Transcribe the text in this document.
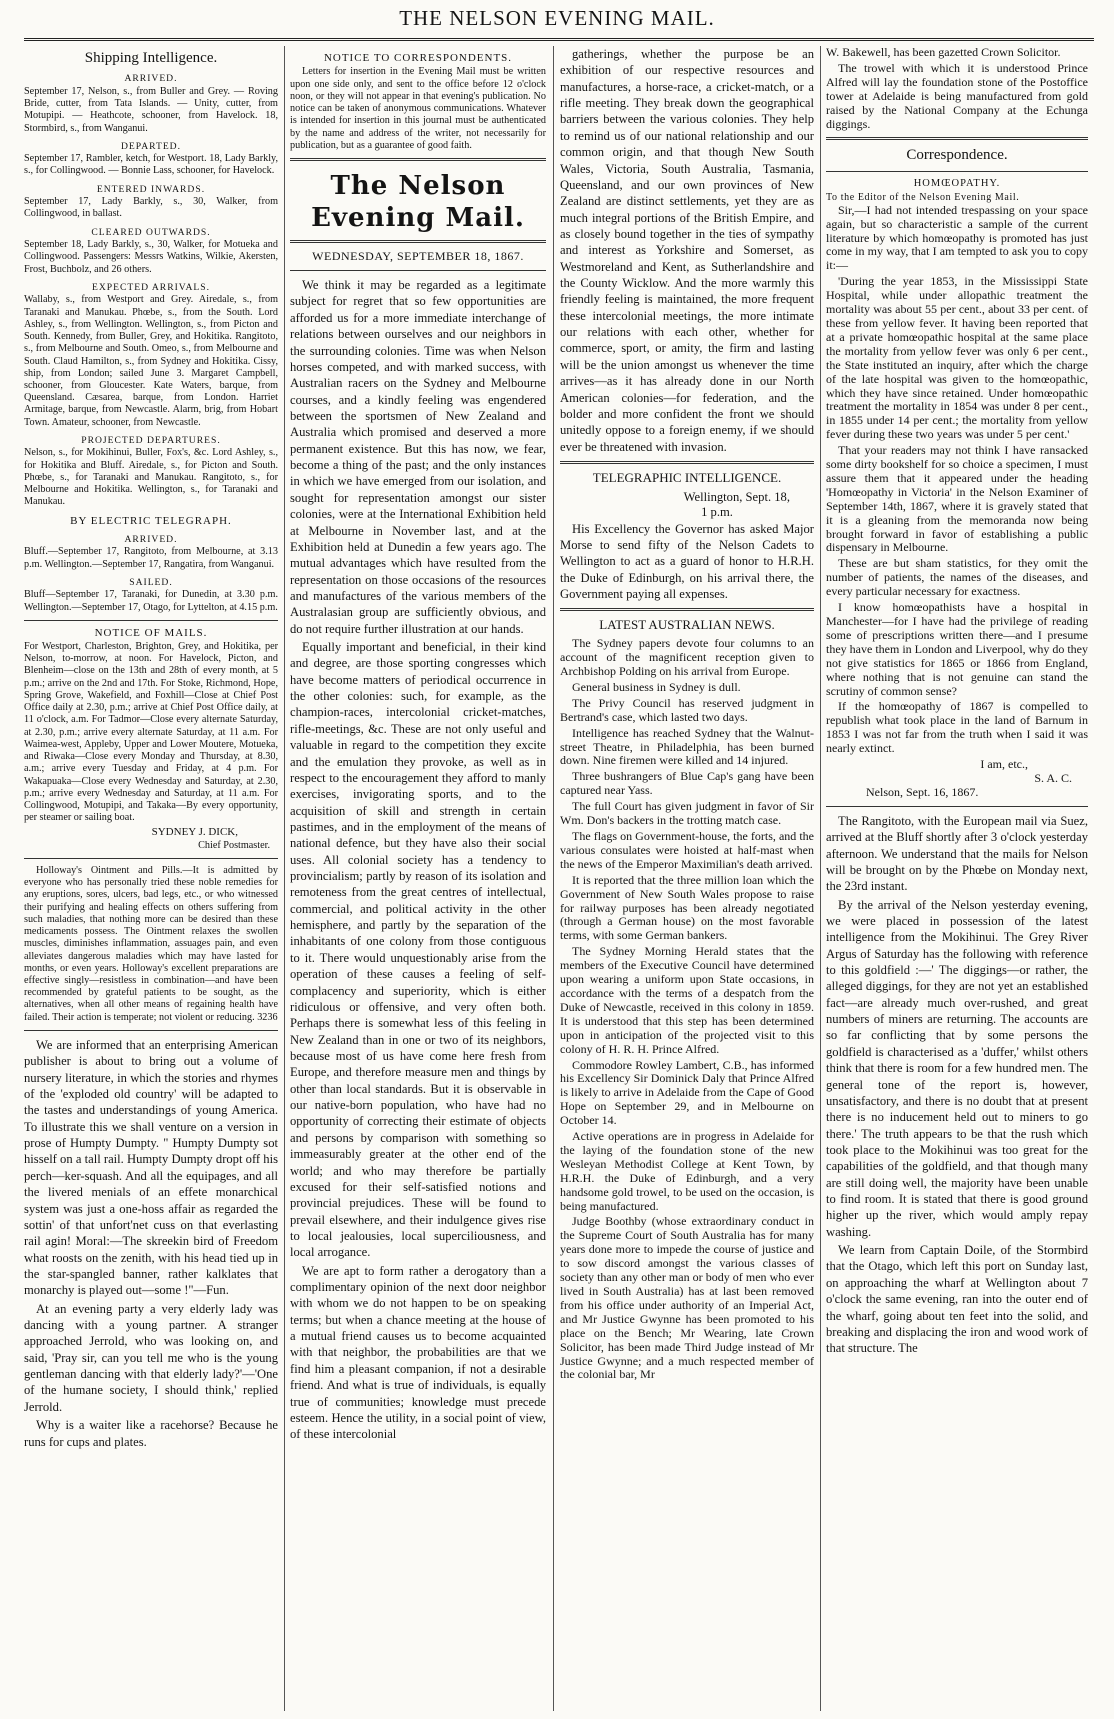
THE NELSON EVENING MAIL.
Shipping Intelligence.
ARRIVED.

September 17, Nelson, s., from Buller and Grey. — Roving Bride, cutter, from Tata Islands. — Unity, cutter, from Motupipi. — Heathcote, schooner, from Havelock. 18, Stormbird, s., from Wanganui.

DEPARTED.

September 17, Rambler, ketch, for Westport. 18, Lady Barkly, s., for Collingwood. — Bonnie Lass, schooner, for Havelock.

ENTERED INWARDS.

September 17, Lady Barkly, s., 30, Walker, from Collingwood, in ballast.

CLEARED OUTWARDS.

September 18, Lady Barkly, s., 30, Walker, for Motueka and Collingwood. Passengers: Messrs Watkins, Wilkie, Akersten, Frost, Buchbolz, and 26 others.

EXPECTED ARRIVALS.

Wallaby, s., from Westport and Grey. Airedale, s., from Taranaki and Manukau. Phœbe, s., from the South. Lord Ashley, s., from Wellington. Wellington, s., from Picton and South. Kennedy, from Buller, Grey, and Hokitika. Rangitoto, s., from Melbourne and South. Omeo, s., from Melbourne and South. Claud Hamilton, s., from Sydney and Hokitika. Cissy, ship, from London; sailed June 3. Margaret Campbell, schooner, from Gloucester. Kate Waters, barque, from Queensland. Cæsarea, barque, from London. Harriet Armitage, barque, from Newcastle. Alarm, brig, from Hobart Town. Amateur, schooner, from Newcastle.

PROJECTED DEPARTURES.

Nelson, s., for Mokihinui, Buller, Fox's, &c. Lord Ashley, s., for Hokitika and Bluff. Airedale, s., for Picton and South. Phœbe, s., for Taranaki and Manukau. Rangitoto, s., for Melbourne and Hokitika. Wellington, s., for Taranaki and Manukau.

BY ELECTRIC TELEGRAPH.
ARRIVED.

Bluff.—September 17, Rangitoto, from Melbourne, at 3.13 p.m. Wellington.—September 17, Rangatira, from Wanganui.

SAILED.

Bluff—September 17, Taranaki, for Dunedin, at 3.30 p.m. Wellington.—September 17, Otago, for Lyttelton, at 4.15 p.m.

NOTICE OF MAILS.

For Westport, Charleston, Brighton, Grey, and Hokitika, per Nelson, to-morrow, at noon. For Havelock, Picton, and Blenheim—close on the 13th and 28th of every month, at 5 p.m.; arrive on the 2nd and 17th. For Stoke, Richmond, Hope, Spring Grove, Wakefield, and Foxhill—Close at Chief Post Office daily at 2.30, p.m.; arrive at Chief Post Office daily, at 11 o'clock, a.m. For Tadmor—Close every alternate Saturday, at 2.30, p.m.; arrive every alternate Saturday, at 11 a.m. For Waimea-west, Appleby, Upper and Lower Moutere, Motueka, and Riwaka—Close every Monday and Thursday, at 8.30, a.m.; arrive every Tuesday and Friday, at 4 p.m. For Wakapuaka—Close every Wednesday and Saturday, at 2.30, p.m.; arrive every Wednesday and Saturday, at 11 a.m. For Collingwood, Motupipi, and Takaka—By every opportunity, per steamer or sailing boat.

SYDNEY J. DICK,
Chief Postmaster.

Holloway's Ointment and Pills.—It is admitted by everyone who has personally tried these noble remedies for any eruptions, sores, ulcers, bad legs, etc., or who witnessed their purifying and healing effects on others suffering from such maladies, that nothing more can be desired than these medicaments possess. The Ointment relaxes the swollen muscles, diminishes inflammation, assuages pain, and even alleviates dangerous maladies which may have lasted for months, or even years. Holloway's excellent preparations are effective singly—resistless in combination—and have been recommended by grateful patients to be sought, as the alternatives, when all other means of regaining health have failed. Their action is temperate; not violent or reducing. 3236

We are informed that an enterprising American publisher is about to bring out a volume of nursery literature, in which the stories and rhymes of the 'exploded old country' will be adapted to the tastes and understandings of young America. To illustrate this we shall venture on a version in prose of Humpty Dumpty. " Humpty Dumpty sot hisself on a tall rail. Humpty Dumpty dropt off his perch—ker-squash. And all the equipages, and all the livered menials of an effete monarchical system was just a one-hoss affair as regarded the sottin' of that unfort'net cuss on that everlasting rail agin! Moral:—The skreekin bird of Freedom what roosts on the zenith, with his head tied up in the star-spangled banner, rather kalklates that monarchy is played out—some !"—Fun.

At an evening party a very elderly lady was dancing with a young partner. A stranger approached Jerrold, who was looking on, and said, 'Pray sir, can you tell me who is the young gentleman dancing with that elderly lady?'—'One of the humane society, I should think,' replied Jerrold.

Why is a waiter like a racehorse? Because he runs for cups and plates.

NOTICE TO CORRESPONDENTS.

Letters for insertion in the Evening Mail must be written upon one side only, and sent to the office before 12 o'clock noon, or they will not appear in that evening's publication. No notice can be taken of anonymous communications. Whatever is intended for insertion in this journal must be authenticated by the name and address of the writer, not necessarily for publication, but as a guarantee of good faith.

The Nelson Evening Mail.
WEDNESDAY, SEPTEMBER 18, 1867.

We think it may be regarded as a legitimate subject for regret that so few opportunities are afforded us for a more immediate interchange of relations between ourselves and our neighbors in the surrounding colonies. Time was when Nelson horses competed, and with marked success, with Australian racers on the Sydney and Melbourne courses, and a kindly feeling was engendered between the sportsmen of New Zealand and Australia which promised and deserved a more permanent existence. But this has now, we fear, become a thing of the past; and the only instances in which we have emerged from our isolation, and sought for representation amongst our sister colonies, were at the International Exhibition held at Melbourne in November last, and at the Exhibition held at Dunedin a few years ago. The mutual advantages which have resulted from the representation on those occasions of the resources and manufactures of the various members of the Australasian group are sufficiently obvious, and do not require further illustration at our hands.

Equally important and beneficial, in their kind and degree, are those sporting congresses which have become matters of periodical occurrence in the other colonies: such, for example, as the champion-races, intercolonial cricket-matches, rifle-meetings, &c. These are not only useful and valuable in regard to the competition they excite and the emulation they provoke, as well as in respect to the encouragement they afford to manly exercises, invigorating sports, and to the acquisition of skill and strength in certain pastimes, and in the employment of the means of national defence, but they have also their social uses. All colonial society has a tendency to provincialism; partly by reason of its isolation and remoteness from the great centres of intellectual, commercial, and political activity in the other hemisphere, and partly by the separation of the inhabitants of one colony from those contiguous to it. There would unquestionably arise from the operation of these causes a feeling of self-complacency and superiority, which is either ridiculous or offensive, and very often both. Perhaps there is somewhat less of this feeling in New Zealand than in one or two of its neighbors, because most of us have come here fresh from Europe, and therefore measure men and things by other than local standards. But it is observable in our native-born population, who have had no opportunity of correcting their estimate of objects and persons by comparison with something so immeasurably greater at the other end of the world; and who may therefore be partially excused for their self-satisfied notions and provincial prejudices. These will be found to prevail elsewhere, and their indulgence gives rise to local jealousies, local superciliousness, and local arrogance.

We are apt to form rather a derogatory than a complimentary opinion of the next door neighbor with whom we do not happen to be on speaking terms; but when a chance meeting at the house of a mutual friend causes us to become acquainted with that neighbor, the probabilities are that we find him a pleasant companion, if not a desirable friend. And what is true of individuals, is equally true of communities; knowledge must precede esteem. Hence the utility, in a social point of view, of these intercolonial

gatherings, whether the purpose be an exhibition of our respective resources and manufactures, a horse-race, a cricket-match, or a rifle meeting. They break down the geographical barriers between the various colonies. They help to remind us of our national relationship and our common origin, and that though New South Wales, Victoria, South Australia, Tasmania, Queensland, and our own provinces of New Zealand are distinct settlements, yet they are as much integral portions of the British Empire, and as closely bound together in the ties of sympathy and interest as Yorkshire and Somerset, as Westmoreland and Kent, as Sutherlandshire and the County Wicklow. And the more warmly this friendly feeling is maintained, the more frequent these intercolonial meetings, the more intimate our relations with each other, whether for commerce, sport, or amity, the firm and lasting will be the union amongst us whenever the time arrives—as it has already done in our North American colonies—for federation, and the bolder and more confident the front we should unitedly oppose to a foreign enemy, if we should ever be threatened with invasion.

TELEGRAPHIC INTELLIGENCE.
Wellington, Sept. 18,
1 p.m.

His Excellency the Governor has asked Major Morse to send fifty of the Nelson Cadets to Wellington to act as a guard of honor to H.R.H. the Duke of Edinburgh, on his arrival there, the Government paying all expenses.

LATEST AUSTRALIAN NEWS.

The Sydney papers devote four columns to an account of the magnificent reception given to Archbishop Polding on his arrival from Europe.

General business in Sydney is dull.

The Privy Council has reserved judgment in Bertrand's case, which lasted two days.

Intelligence has reached Sydney that the Walnut-street Theatre, in Philadelphia, has been burned down. Nine firemen were killed and 14 injured.

Three bushrangers of Blue Cap's gang have been captured near Yass.

The full Court has given judgment in favor of Sir Wm. Don's backers in the trotting match case.

The flags on Government-house, the forts, and the various consulates were hoisted at half-mast when the news of the Emperor Maximilian's death arrived.

It is reported that the three million loan which the Government of New South Wales propose to raise for railway purposes has been already negotiated (through a German house) on the most favorable terms, with some German bankers.

The Sydney Morning Herald states that the members of the Executive Council have determined upon wearing a uniform upon State occasions, in accordance with the terms of a despatch from the Duke of Newcastle, received in this colony in 1859. It is understood that this step has been determined upon in anticipation of the projected visit to this colony of H. R. H. Prince Alfred.

Commodore Rowley Lambert, C.B., has informed his Excellency Sir Dominick Daly that Prince Alfred is likely to arrive in Adelaide from the Cape of Good Hope on September 29, and in Melbourne on October 14.

Active operations are in progress in Adelaide for the laying of the foundation stone of the new Wesleyan Methodist College at Kent Town, by H.R.H. the Duke of Edinburgh, and a very handsome gold trowel, to be used on the occasion, is being manufactured.

Judge Boothby (whose extraordinary conduct in the Supreme Court of South Australia has for many years done more to impede the course of justice and to sow discord amongst the various classes of society than any other man or body of men who ever lived in South Australia) has at last been removed from his office under authority of an Imperial Act, and Mr Justice Gwynne has been promoted to his place on the Bench; Mr Wearing, late Crown Solicitor, has been made Third Judge instead of Mr Justice Gwynne; and a much respected member of the colonial bar, Mr

W. Bakewell, has been gazetted Crown Solicitor.

The trowel with which it is understood Prince Alfred will lay the foundation stone of the Postoffice tower at Adelaide is being manufactured from gold raised by the National Company at the Echunga diggings.

Correspondence.
HOMŒOPATHY.
To the Editor of the Nelson Evening Mail.

Sir,—I had not intended trespassing on your space again, but so characteristic a sample of the current literature by which homœopathy is promoted has just come in my way, that I am tempted to ask you to copy it:—

'During the year 1853, in the Mississippi State Hospital, while under allopathic treatment the mortality was about 55 per cent., about 33 per cent. of these from yellow fever. It having been reported that at a private homœopathic hospital at the same place the mortality from yellow fever was only 6 per cent., the State instituted an inquiry, after which the charge of the late hospital was given to the homœopathic, which they have since retained. Under homœopathic treatment the mortality in 1854 was under 8 per cent., in 1855 under 14 per cent.; the mortality from yellow fever during these two years was under 5 per cent.'

That your readers may not think I have ransacked some dirty bookshelf for so choice a specimen, I must assure them that it appeared under the heading 'Homœopathy in Victoria' in the Nelson Examiner of September 14th, 1867, where it is gravely stated that it is a gleaning from the memoranda now being brought forward in favor of establishing a public dispensary in Melbourne.

These are but sham statistics, for they omit the number of patients, the names of the diseases, and every particular necessary for exactness.

I know homœopathists have a hospital in Manchester—for I have had the privilege of reading some of prescriptions written there—and I presume they have them in London and Liverpool, why do they not give statistics for 1865 or 1866 from England, where nothing that is not genuine can stand the scrutiny of common sense?

If the homœopathy of 1867 is compelled to republish what took place in the land of Barnum in 1853 I was not far from the truth when I said it was nearly extinct.

I am, etc.,
S. A. C.
Nelson, Sept. 16, 1867.

The Rangitoto, with the European mail via Suez, arrived at the Bluff shortly after 3 o'clock yesterday afternoon. We understand that the mails for Nelson will be brought on by the Phœbe on Monday next, the 23rd instant.

By the arrival of the Nelson yesterday evening, we were placed in possession of the latest intelligence from the Mokihinui. The Grey River Argus of Saturday has the following with reference to this goldfield :—' The diggings—or rather, the alleged diggings, for they are not yet an established fact—are already much over-rushed, and great numbers of miners are returning. The accounts are so far conflicting that by some persons the goldfield is characterised as a 'duffer,' whilst others think that there is room for a few hundred men. The general tone of the report is, however, unsatisfactory, and there is no doubt that at present there is no inducement held out to miners to go there.' The truth appears to be that the rush which took place to the Mokihinui was too great for the capabilities of the goldfield, and that though many are still doing well, the majority have been unable to find room. It is stated that there is good ground higher up the river, which would amply repay washing.

We learn from Captain Doile, of the Stormbird that the Otago, which left this port on Sunday last, on approaching the wharf at Wellington about 7 o'clock the same evening, ran into the outer end of the wharf, going about ten feet into the solid, and breaking and displacing the iron and wood work of that structure. The
